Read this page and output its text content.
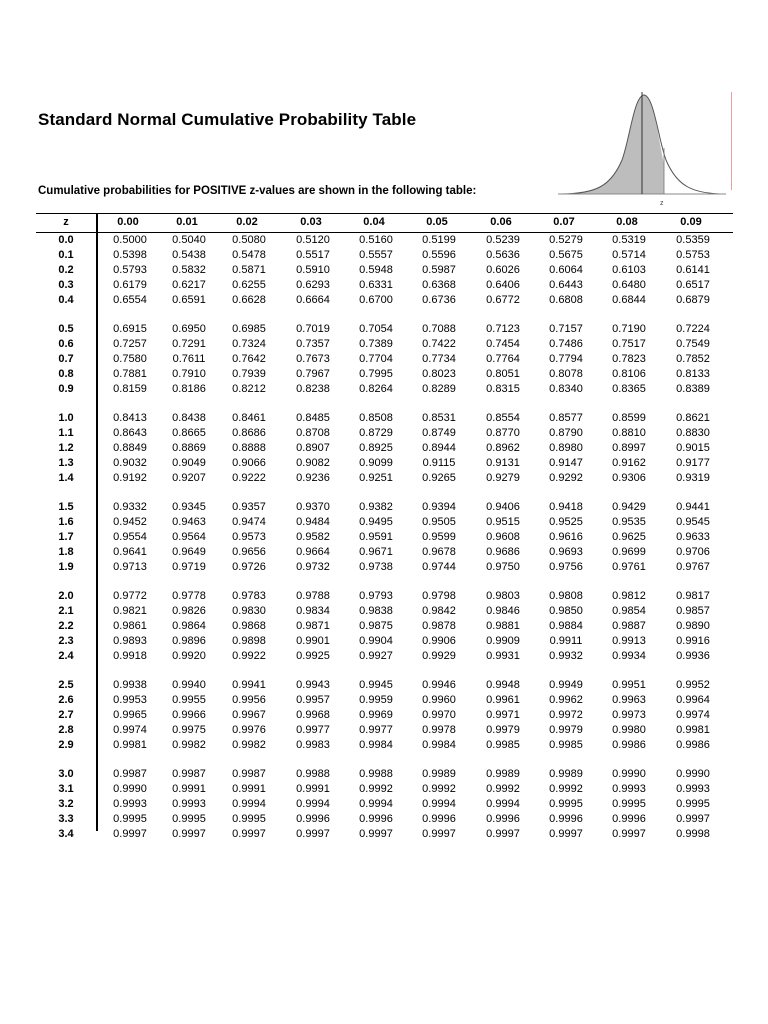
Standard Normal Cumulative Probability Table
Cumulative probabilities for POSITIVE z-values are shown in the following table:
z
z	0.00	0.01	0.02	0.03	0.04	0.05	0.06	0.07	0.08	0.09
0.0	0.5000	0.5040	0.5080	0.5120	0.5160	0.5199	0.5239	0.5279	0.5319	0.5359
0.1	0.5398	0.5438	0.5478	0.5517	0.5557	0.5596	0.5636	0.5675	0.5714	0.5753
0.2	0.5793	0.5832	0.5871	0.5910	0.5948	0.5987	0.6026	0.6064	0.6103	0.6141
0.3	0.6179	0.6217	0.6255	0.6293	0.6331	0.6368	0.6406	0.6443	0.6480	0.6517
0.4	0.6554	0.6591	0.6628	0.6664	0.6700	0.6736	0.6772	0.6808	0.6844	0.6879
0.5	0.6915	0.6950	0.6985	0.7019	0.7054	0.7088	0.7123	0.7157	0.7190	0.7224
0.6	0.7257	0.7291	0.7324	0.7357	0.7389	0.7422	0.7454	0.7486	0.7517	0.7549
0.7	0.7580	0.7611	0.7642	0.7673	0.7704	0.7734	0.7764	0.7794	0.7823	0.7852
0.8	0.7881	0.7910	0.7939	0.7967	0.7995	0.8023	0.8051	0.8078	0.8106	0.8133
0.9	0.8159	0.8186	0.8212	0.8238	0.8264	0.8289	0.8315	0.8340	0.8365	0.8389
1.0	0.8413	0.8438	0.8461	0.8485	0.8508	0.8531	0.8554	0.8577	0.8599	0.8621
1.1	0.8643	0.8665	0.8686	0.8708	0.8729	0.8749	0.8770	0.8790	0.8810	0.8830
1.2	0.8849	0.8869	0.8888	0.8907	0.8925	0.8944	0.8962	0.8980	0.8997	0.9015
1.3	0.9032	0.9049	0.9066	0.9082	0.9099	0.9115	0.9131	0.9147	0.9162	0.9177
1.4	0.9192	0.9207	0.9222	0.9236	0.9251	0.9265	0.9279	0.9292	0.9306	0.9319
1.5	0.9332	0.9345	0.9357	0.9370	0.9382	0.9394	0.9406	0.9418	0.9429	0.9441
1.6	0.9452	0.9463	0.9474	0.9484	0.9495	0.9505	0.9515	0.9525	0.9535	0.9545
1.7	0.9554	0.9564	0.9573	0.9582	0.9591	0.9599	0.9608	0.9616	0.9625	0.9633
1.8	0.9641	0.9649	0.9656	0.9664	0.9671	0.9678	0.9686	0.9693	0.9699	0.9706
1.9	0.9713	0.9719	0.9726	0.9732	0.9738	0.9744	0.9750	0.9756	0.9761	0.9767
2.0	0.9772	0.9778	0.9783	0.9788	0.9793	0.9798	0.9803	0.9808	0.9812	0.9817
2.1	0.9821	0.9826	0.9830	0.9834	0.9838	0.9842	0.9846	0.9850	0.9854	0.9857
2.2	0.9861	0.9864	0.9868	0.9871	0.9875	0.9878	0.9881	0.9884	0.9887	0.9890
2.3	0.9893	0.9896	0.9898	0.9901	0.9904	0.9906	0.9909	0.9911	0.9913	0.9916
2.4	0.9918	0.9920	0.9922	0.9925	0.9927	0.9929	0.9931	0.9932	0.9934	0.9936
2.5	0.9938	0.9940	0.9941	0.9943	0.9945	0.9946	0.9948	0.9949	0.9951	0.9952
2.6	0.9953	0.9955	0.9956	0.9957	0.9959	0.9960	0.9961	0.9962	0.9963	0.9964
2.7	0.9965	0.9966	0.9967	0.9968	0.9969	0.9970	0.9971	0.9972	0.9973	0.9974
2.8	0.9974	0.9975	0.9976	0.9977	0.9977	0.9978	0.9979	0.9979	0.9980	0.9981
2.9	0.9981	0.9982	0.9982	0.9983	0.9984	0.9984	0.9985	0.9985	0.9986	0.9986
3.0	0.9987	0.9987	0.9987	0.9988	0.9988	0.9989	0.9989	0.9989	0.9990	0.9990
3.1	0.9990	0.9991	0.9991	0.9991	0.9992	0.9992	0.9992	0.9992	0.9993	0.9993
3.2	0.9993	0.9993	0.9994	0.9994	0.9994	0.9994	0.9994	0.9995	0.9995	0.9995
3.3	0.9995	0.9995	0.9995	0.9996	0.9996	0.9996	0.9996	0.9996	0.9996	0.9997
3.4	0.9997	0.9997	0.9997	0.9997	0.9997	0.9997	0.9997	0.9997	0.9997	0.9998
